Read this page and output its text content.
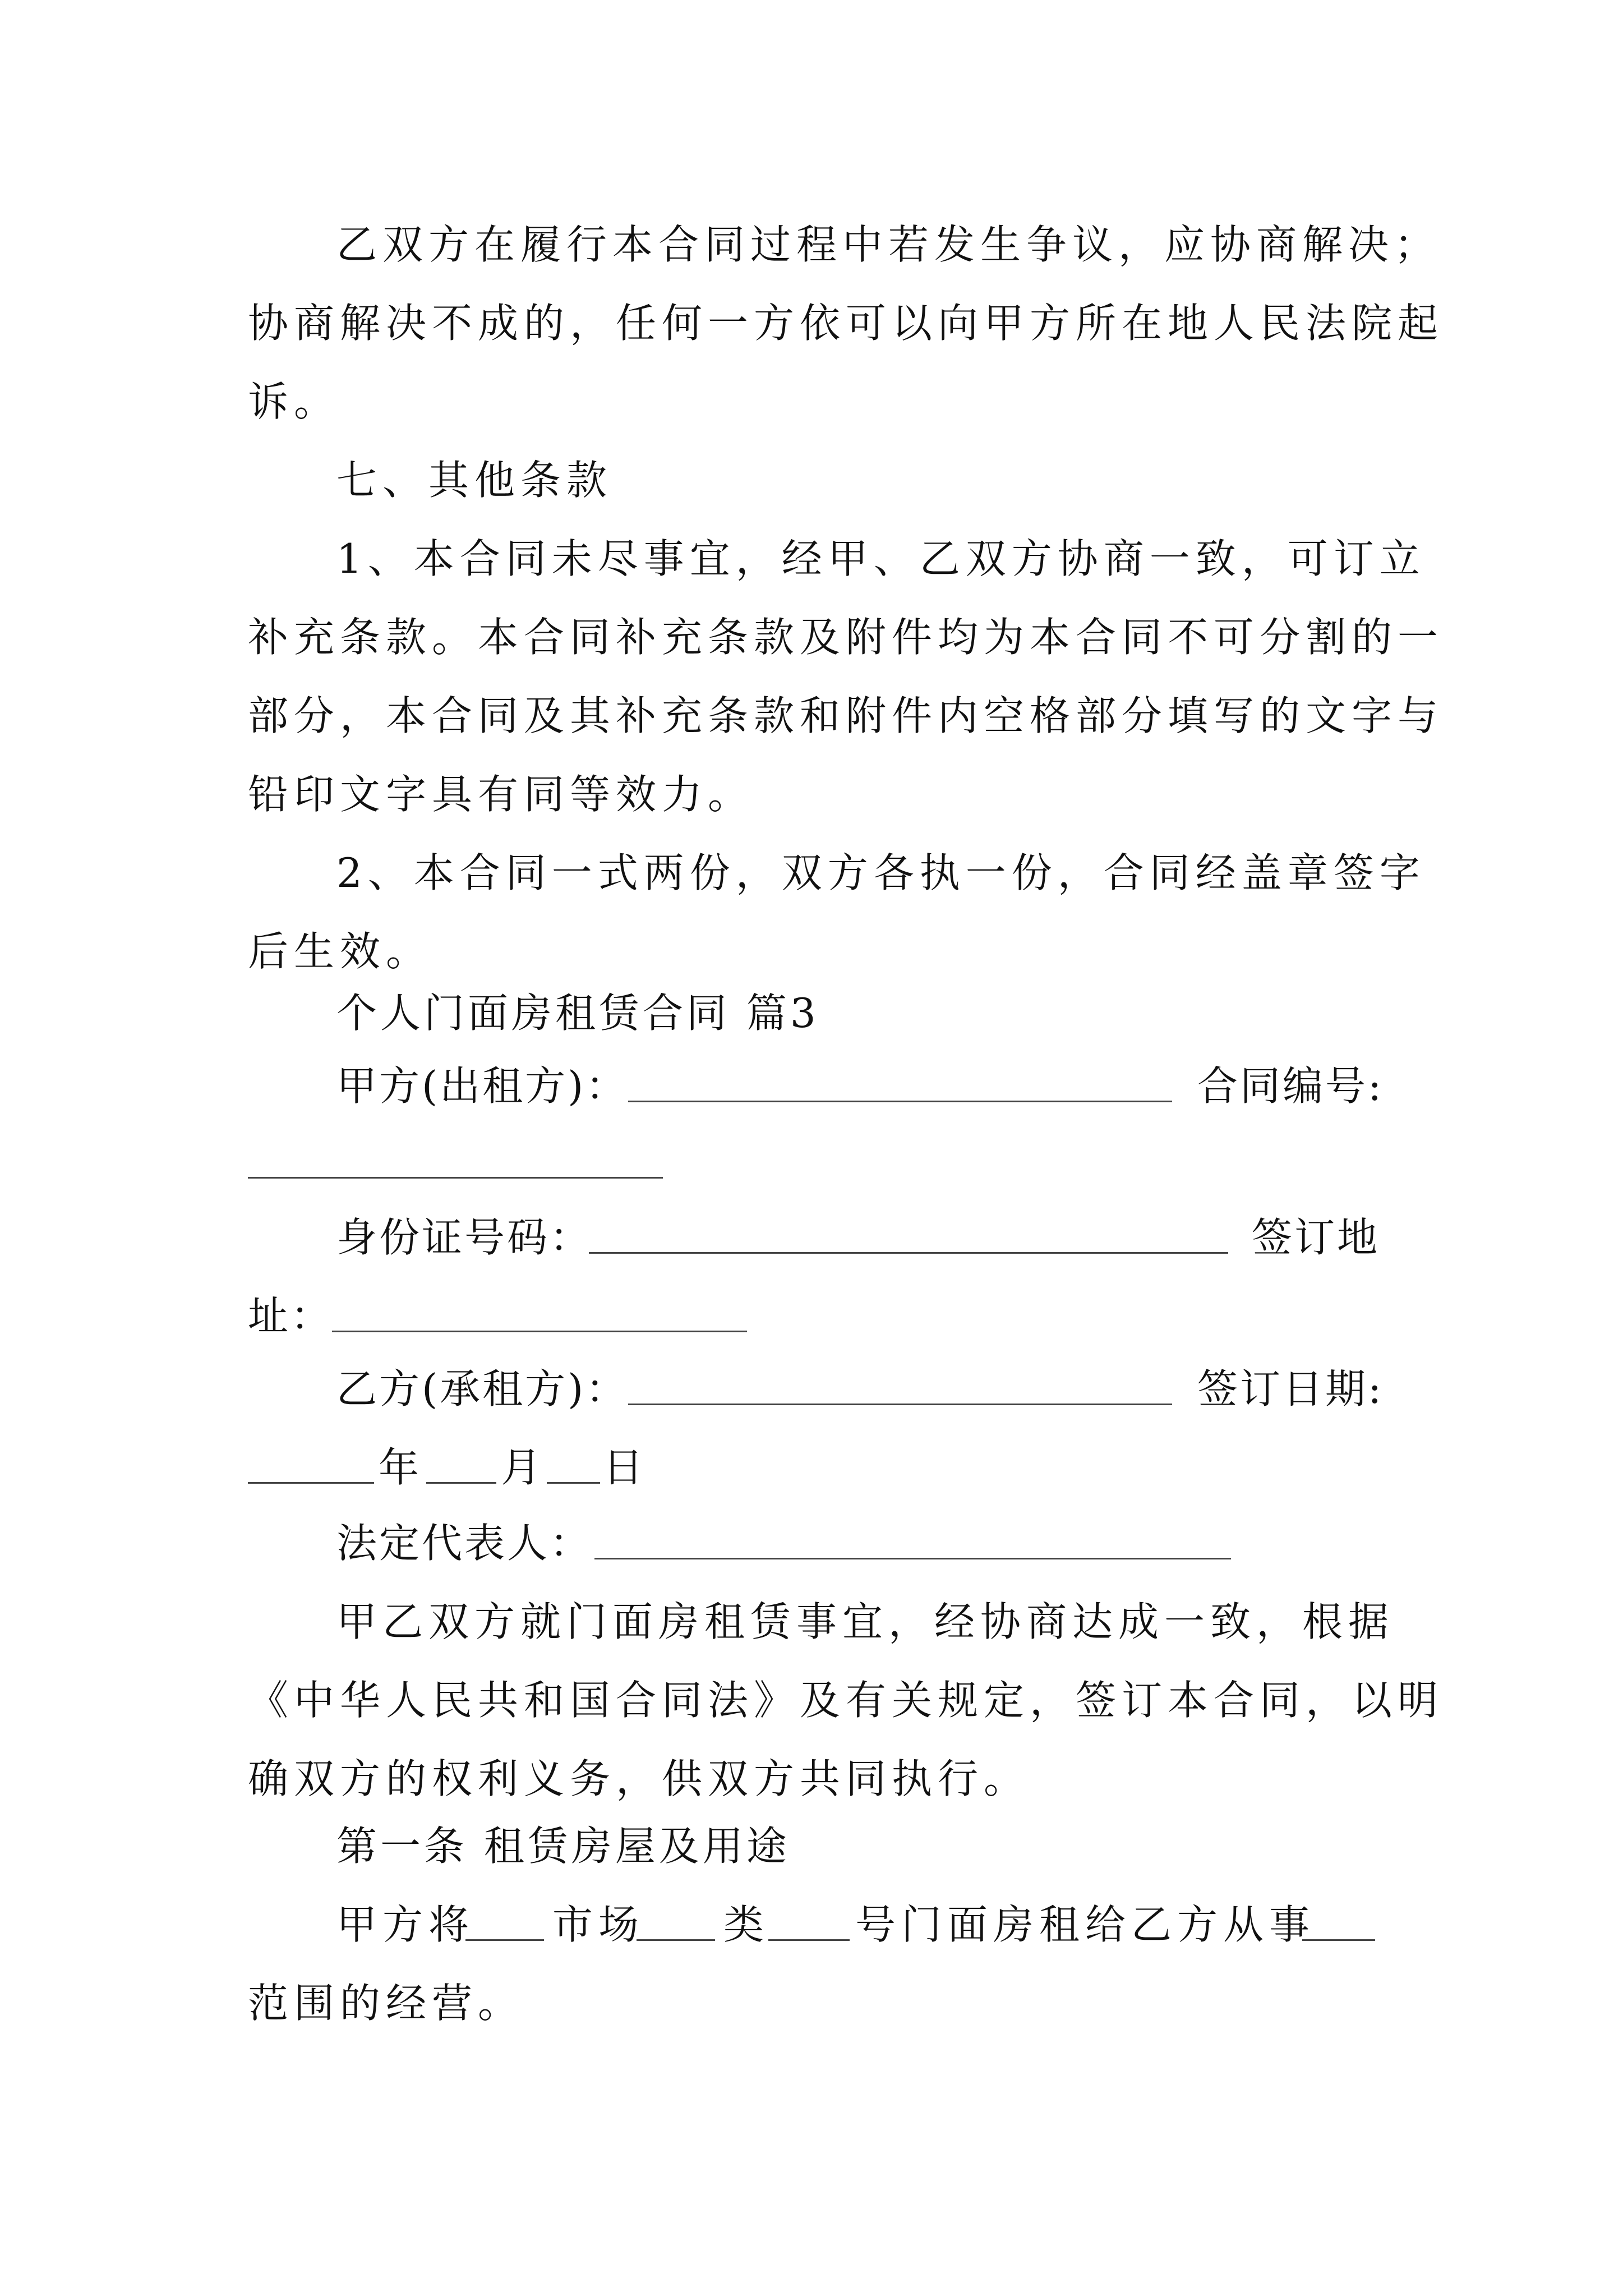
乙双方在履行本合同过程中若发生争议，应协商解决；
协商解决不成的，任何一方依可以向甲方所在地人民法院起
诉。
七、其他条款
1、本合同未尽事宜，经甲、乙双方协商一致，可订立
补充条款。本合同补充条款及附件均为本合同不可分割的一
部分，本合同及其补充条款和附件内空格部分填写的文字与
铅印文字具有同等效力。
2、本合同一式两份，双方各执一份，合同经盖章签字
后生效。
个人门面房租赁合同 篇3
甲方(出租方)：	合同编号:
身份证号码：	签订地
址：
乙方(承租方)：	签订日期:
年 月 日
法定代表人：
甲乙双方就门面房租赁事宜，经协商达成一致，根据
《中华人民共和国合同法》及有关规定，签订本合同，以明
确双方的权利义务，供双方共同执行。
第一条 租赁房屋及用途
甲方将 市场 类 号门面房租给乙方从事
范围的经营。
